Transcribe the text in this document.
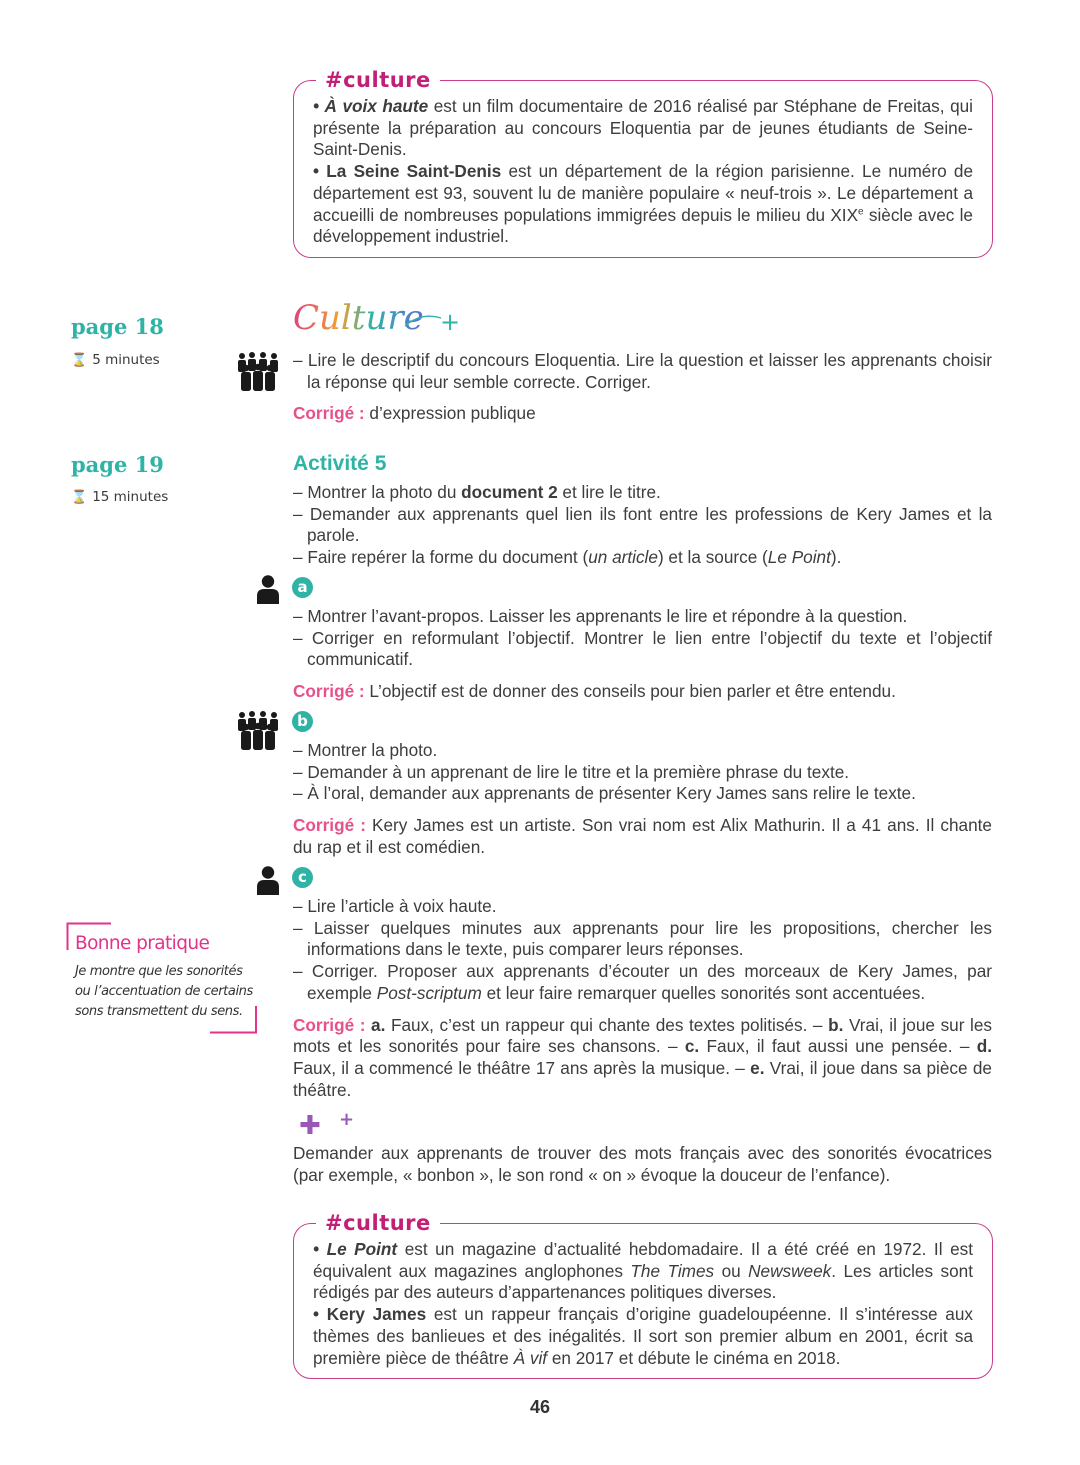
#culture

• À voix haute est un film documentaire de 2016 réalisé par Stéphane de Freitas, qui présente la préparation au concours Eloquentia par de jeunes étudiants de Seine-Saint-Denis.

• La Seine Saint-Denis est un département de la région parisienne. Le numéro de département est 93, souvent lu de manière populaire « neuf-trois ». Le département a accueilli de nombreuses populations immigrées depuis le milieu du XIXe siècle avec le développement industriel.

page 18
⌛ 5 minutes
Culture +

– Lire le descriptif du concours Eloquentia. Lire la question et laisser les apprenants choisir la réponse qui leur semble correcte. Corriger.

Corrigé : d’expression publique

page 19
⌛ 15 minutes
Activité 5

– Montrer la photo du document 2 et lire le titre.

– Demander aux apprenants quel lien ils font entre les professions de Kery James et la parole.

– Faire repérer la forme du document (un article) et la source (Le Point).

a

– Montrer l’avant-propos. Laisser les apprenants le lire et répondre à la question.

– Corriger en reformulant l’objectif. Montrer le lien entre l’objectif du texte et l’objectif communicatif.

Corrigé : L’objectif est de donner des conseils pour bien parler et être entendu.

b

– Montrer la photo.

– Demander à un apprenant de lire le titre et la première phrase du texte.

– À l’oral, demander aux apprenants de présenter Kery James sans relire le texte.

Corrigé : Kery James est un artiste. Son vrai nom est Alix Mathurin. Il a 41 ans. Il chante du rap et il est comédien.

c

– Lire l’article à voix haute.

– Laisser quelques minutes aux apprenants pour lire les propositions, chercher les informations dans le texte, puis comparer leurs réponses.

– Corriger. Proposer aux apprenants d’écouter un des morceaux de Kery James, par exemple Post-scriptum et leur faire remarquer quelles sonorités sont accentuées.

Corrigé : a. Faux, c’est un rappeur qui chante des textes politisés. – b. Vrai, il joue sur les mots et les sonorités pour faire ses chansons. – c. Faux, il faut aussi une pensée. – d. Faux, il a commencé le théâtre 17 ans après la musique. – e. Vrai, il joue dans sa pièce de théâtre.

✚ +
Demander aux apprenants de trouver des mots français avec des sonorités évocatrices (par exemple, « bonbon », le son rond « on » évoque la douceur de l’enfance).
Bonne pratique
Je montre que les sonorités ou l’accentuation de certains sons transmettent du sens.
#culture

• Le Point est un magazine d’actualité hebdomadaire. Il a été créé en 1972. Il est équivalent aux magazines anglophones The Times ou Newsweek. Les articles sont rédigés par des auteurs d’appartenances politiques diverses.

• Kery James est un rappeur français d’origine guadeloupéenne. Il s’intéresse aux thèmes des banlieues et des inégalités. Il sort son premier album en 2001, écrit sa première pièce de théâtre À vif en 2017 et débute le cinéma en 2018.

46
